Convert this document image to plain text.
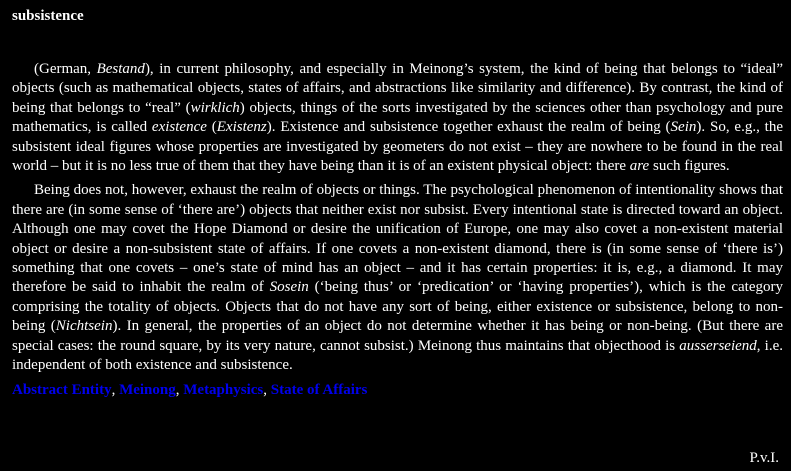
subsistence

(German, Bestand), in current philosophy, and especially in Meinong’s system, the kind of being that belongs to “ideal” objects (such as mathematical objects, states of affairs, and abstractions like similarity and difference). By contrast, the kind of being that belongs to “real” (wirklich) objects, things of the sorts investigated by the sciences other than psychology and pure mathematics, is called existence (Existenz). Existence and subsistence together exhaust the realm of being (Sein). So, e.g., the subsistent ideal figures whose properties are investigated by geometers do not exist – they are nowhere to be found in the real world – but it is no less true of them that they have being than it is of an existent physical object: there are such figures.

Being does not, however, exhaust the realm of objects or things. The psychological phenomenon of intentionality shows that there are (in some sense of ‘there are’) objects that neither exist nor subsist. Every intentional state is directed toward an object. Although one may covet the Hope Diamond or desire the unification of Europe, one may also covet a non-existent material object or desire a non-subsistent state of affairs. If one covets a non-existent diamond, there is (in some sense of ‘there is’) something that one covets – one’s state of mind has an object – and it has certain properties: it is, e.g., a diamond. It may therefore be said to inhabit the realm of Sosein (‘being thus’ or ‘predication’ or ‘having properties’), which is the category comprising the totality of objects. Objects that do not have any sort of being, either existence or subsistence, belong to non-being (Nichtsein). In general, the properties of an object do not determine whether it has being or non-being. (But there are special cases: the round square, by its very nature, cannot subsist.) Meinong thus maintains that objecthood is ausserseiend, i.e. independent of both existence and subsistence.

Abstract Entity, Meinong, Metaphysics, State of Affairs
P.v.I.
